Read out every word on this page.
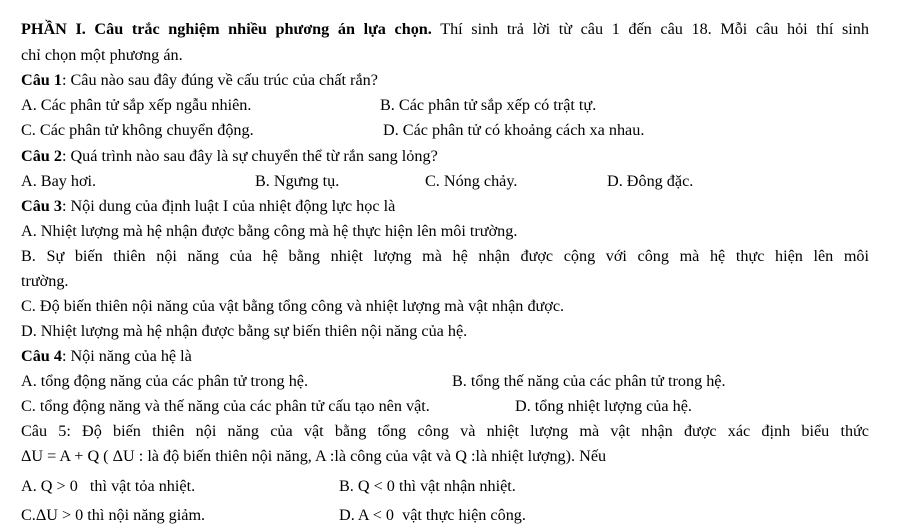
PHẦN I. Câu trắc nghiệm nhiều phương án lựa chọn. Thí sinh trả lời từ câu 1 đến câu 18. Mỗi câu hỏi thí sinh
chỉ chọn một phương án.
Câu 1: Câu nào sau đây đúng về cấu trúc của chất rắn?
A. Các phân tử sắp xếp ngẫu nhiên.	B. Các phân tử sắp xếp có trật tự.
C. Các phân tử không chuyển động.	D. Các phân tử có khoảng cách xa nhau.
Câu 2: Quá trình nào sau đây là sự chuyển thể từ rắn sang lỏng?
A. Bay hơi.	B. Ngưng tụ.	C. Nóng chảy.	D. Đông đặc.
Câu 3: Nội dung của định luật I của nhiệt động lực học là
A. Nhiệt lượng mà hệ nhận được bằng công mà hệ thực hiện lên môi trường.
B. Sự biến thiên nội năng của hệ bằng nhiệt lượng mà hệ nhận được cộng với công mà hệ thực hiện lên môi
trường.
C. Độ biến thiên nội năng của vật bằng tổng công và nhiệt lượng mà vật nhận được.
D. Nhiệt lượng mà hệ nhận được bằng sự biến thiên nội năng của hệ.
Câu 4: Nội năng của hệ là
A. tổng động năng của các phân tử trong hệ.	B. tổng thế năng của các phân tử trong hệ.
C. tổng động năng và thế năng của các phân tử cấu tạo nên vật.	D. tổng nhiệt lượng của hệ.
Câu 5: Độ biến thiên nội năng của vật bằng tổng công và nhiệt lượng mà vật nhận được xác định biểu thức
ΔU = A + Q ( ΔU : là độ biến thiên nội năng, A :là công của vật và Q :là nhiệt lượng). Nếu
A. Q > 0   thì vật tỏa nhiệt.	B. Q < 0 thì vật nhận nhiệt.
C.ΔU > 0 thì nội năng giảm.	D. A < 0  vật thực hiện công.
